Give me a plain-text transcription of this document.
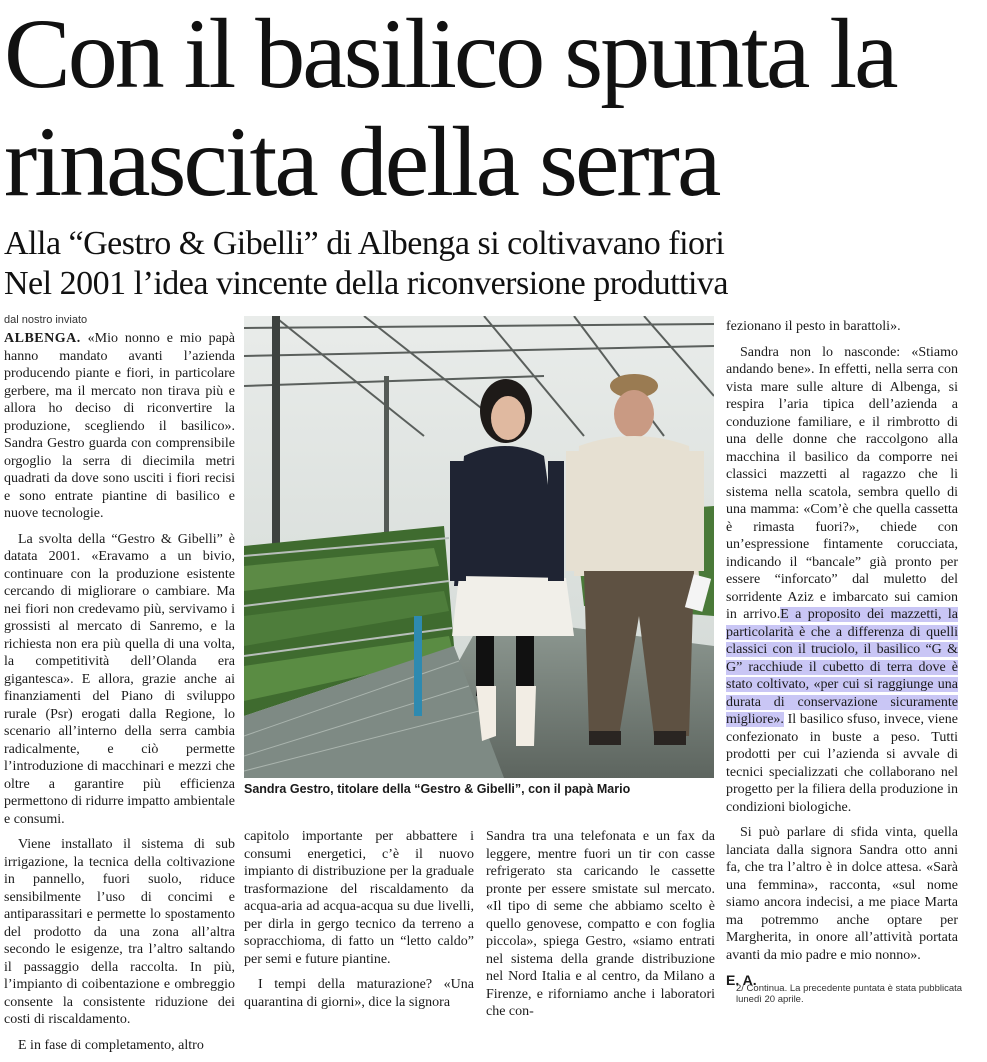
Con il basilico spunta la rinascita della serra
Alla “Gestro & Gibelli” di Albenga si coltivavano fiori
Nel 2001 l’idea vincente della riconversione produttiva
dal nostro inviato

ALBENGA. «Mio nonno e mio papà hanno mandato avanti l’azienda producendo piante e fiori, in particolare gerbere, ma il mercato non tirava più e allora ho deciso di riconvertire la produzione, scegliendo il basilico». Sandra Gestro guarda con comprensibile orgoglio la serra di diecimila metri quadrati da dove sono usciti i fiori recisi e sono entrate piantine di basilico e nuove tecnologie.

La svolta della “Gestro & Gibelli” è datata 2001. «Eravamo a un bivio, continuare con la produzione esistente cercando di migliorare o cambiare. Ma nei fiori non credevamo più, servivamo i grossisti al mercato di Sanremo, e la richiesta non era più quella di una volta, la competitività dell’Olanda era gigantesca». E allora, grazie anche ai finanziamenti del Piano di sviluppo rurale (Psr) erogati dalla Regione, lo scenario all’interno della serra cambia radicalmente, e ciò permette l’introduzione di macchinari e mezzi che oltre a garantire più efficienza permettono di ridurre impatto ambientale e consumi.

Viene installato il sistema di sub irrigazione, la tecnica della coltivazione in pannello, fuori suolo, riduce sensibilmente l’uso di concimi e antiparassitari e permette lo spostamento del prodotto da una zona all’altra secondo le esigenze, tra l’altro saltando il passaggio della raccolta. In più, l’impianto di coibentazione e ombreggio consente la consistente riduzione dei costi di riscaldamento.

E in fase di completamento, altro

Sandra Gestro, titolare della “Gestro & Gibelli”, con il papà Mario

capitolo importante per abbattere i consumi energetici, c’è il nuovo impianto di distribuzione per la graduale trasformazione del riscaldamento da acqua-aria ad acqua-acqua su due livelli, per dirla in gergo tecnico da terreno a sopracchioma, di fatto un “letto caldo” per semi e future piantine.

I tempi della maturazione? «Una quarantina di giorni», dice la signora

Sandra tra una telefonata e un fax da leggere, mentre fuori un tir con casse refrigerato sta caricando le cassette pronte per essere smistate sul mercato. «Il tipo di seme che abbiamo scelto è quello genovese, compatto e con foglia piccola», spiega Gestro, «siamo entrati nel sistema della grande distribuzione nel Nord Italia e al centro, da Milano a Firenze, e riforniamo anche i laboratori che con-

fezionano il pesto in barattoli».

Sandra non lo nasconde: «Stiamo andando bene». In effetti, nella serra con vista mare sulle alture di Albenga, si respira l’aria tipica dell’azienda a conduzione familiare, e il rimbrotto di una delle donne che raccolgono alla macchina il basilico da comporre nei classici mazzetti al ragazzo che li sistema nella scatola, sembra quello di una mamma: «Com’è che quella cassetta è rimasta fuori?», chiede con un’espressione fintamente corucciata, indicando il “bancale” già pronto per essere “inforcato” dal muletto del sorridente Aziz e imbarcato sui camion in arrivo.E a proposito dei mazzetti, la particolarità è che a differenza di quelli classici con il truciolo, il basilico “G & G” racchiude il cubetto di terra dove è stato coltivato, «per cui si raggiunge una durata di conservazione sicuramente migliore». Il basilico sfuso, invece, viene confezionato in buste a peso. Tutti prodotti per cui l’azienda si avvale di tecnici specializzati che collaborano nel progetto per la filiera della produzione in condizioni biologiche.

Si può parlare di sfida vinta, quella lanciata dalla signora Sandra otto anni fa, che tra l’altro è in dolce attesa. «Sarà una femmina», racconta, «sul nome siamo ancora indecisi, a me piace Marta ma potremmo anche optare per Margherita, in onore all’attività portata avanti da mio padre e mio nonno».

E. A.

2/ Continua. La precedente puntata è stata pubblicata lunedì 20 aprile.
